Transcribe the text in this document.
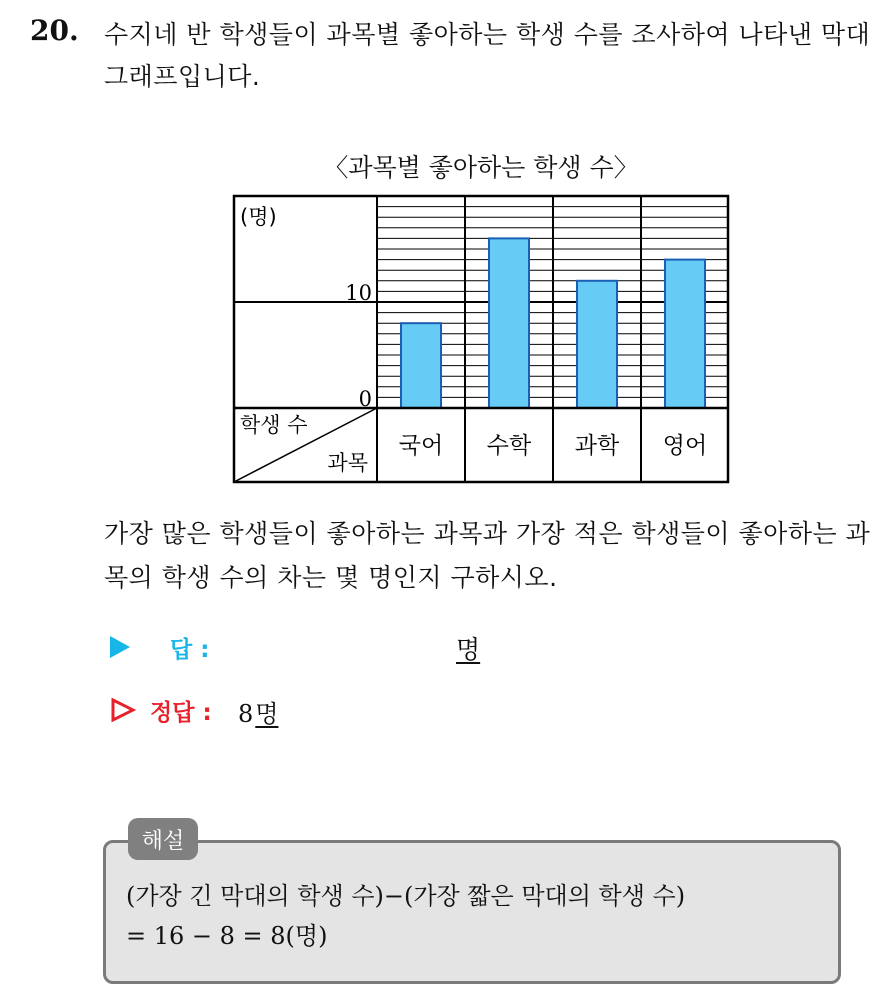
20. 수지네 반 학생들이 과목별 좋아하는 학생 수를 조사하여 나타낸 막대그래프입니다.
〈과목별 좋아하는 학생 수〉
(명)
0
10
국어 수학 과학 영어
학생 수
과목
가장 많은 학생들이 좋아하는 과목과 가장 적은 학생들이 좋아하는 과목의 학생 수의 차는 몇 명인지 구하시오.
답 :	명
정답 : 8명
해설
(가장 긴 막대의 학생 수)−(가장 짧은 막대의 학생 수)
= 16 − 8 = 8(명)
